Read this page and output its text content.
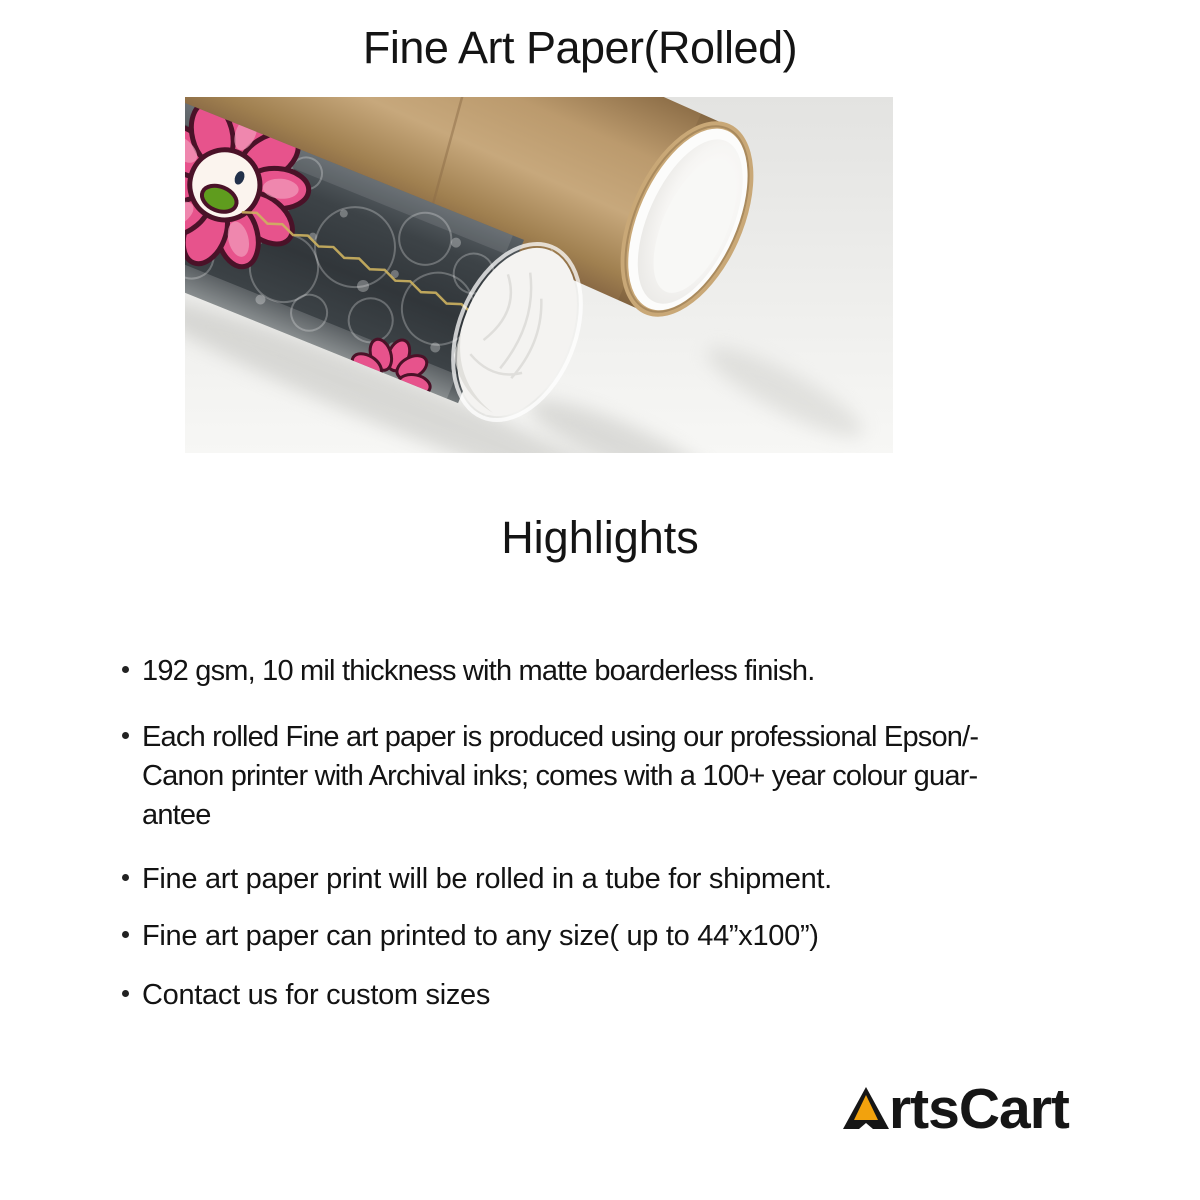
Fine Art Paper(Rolled)
Highlights
192 gsm, 10 mil thickness with matte boarderless finish.
Each rolled Fine art paper is produced using our professional Epson/-
Canon printer with Archival inks; comes with a 100+ year colour guar-
antee
Fine art paper print will be rolled in a tube for shipment.
Fine art paper can printed to any size( up to 44”x100”)
Contact us for custom sizes
rtsCart
